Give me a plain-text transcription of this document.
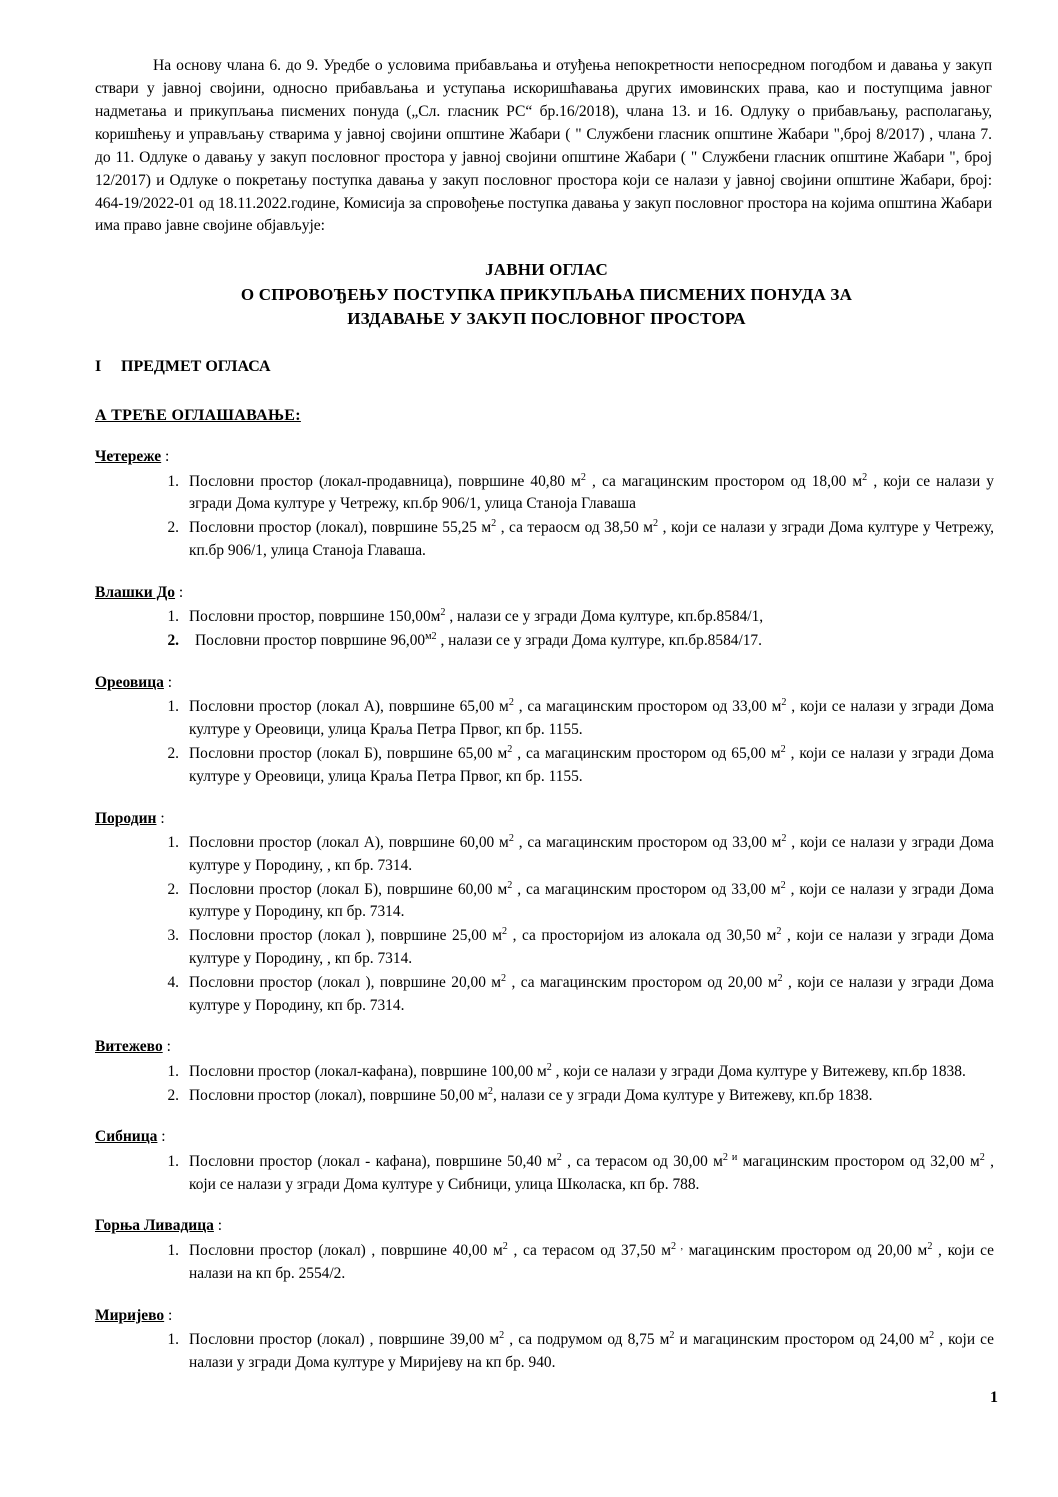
На основу члана 6. до 9. Уредбе о условима прибављања и отуђења непокретности непосредном погодбом и давања у закуп ствари у јавној својини, односно прибављања и уступања искоришћавања других имовинских права, као и поступцима јавног надметања и прикупљања писмених понуда („Сл. гласник РС“ бр.16/2018), члана 13. и 16. Одлуку о прибављању, располагању, коришћењу и управљању стварима у јавној својини општине Жабари ( " Службени гласник општине Жабари ",број 8/2017) , члана 7. до 11. Одлуке о давању у закуп пословног простора у јавној својини општине Жабари ( " Службени гласник општине Жабари ", број 12/2017) и Одлуке о покретању поступка давања у закуп пословног простора који се налази у јавној својини општине Жабари, број: 464-19/2022-01 од 18.11.2022.године, Комисија за спровођење поступка давања у закуп пословног простора на којима општина Жабари има право јавне својине објављује:

ЈАВНИ ОГЛАС
О СПРОВОЂЕЊУ ПОСТУПКА ПРИКУПЉАЊА ПИСМЕНИХ ПОНУДА ЗА
ИЗДАВАЊЕ У ЗАКУП ПОСЛОВНОГ ПРОСТОРА

I ПРЕДМЕТ ОГЛАСА

А ТРЕЋЕ ОГЛАШАВАЊЕ:

Четереже :

Пословни простор (локал-продавница), површине 40,80 $м^2$ , са магацинским простором од 18,00 $м^2$ , који се налази у згради Дома културе у Четрежу, кп.бр 906/1, улица Станоја Главаша
Пословни простор (локал), површине 55,25 $м^2$ , са тераосм од 38,50 $м^2$ , који се налази у згради Дома културе у Четрежу, кп.бр 906/1, улица Станоја Главаша.

Влашки До :

Пословни простор, површине $150,00м^2$ , налази се у згради Дома културе, кп.бр.8584/1,
Пословни простор површине $96,00^{м2}$ , налази се у згради Дома културе, кп.бр.8584/17.

Ореовица :

Пословни простор (локал А), површине 65,00 $м^2$ , са магацинским простором од 33,00 $м^2$ , који се налази у згради Дома културе у Ореовици, улица Краља Петра Првог, кп бр. 1155.
Пословни простор (локал Б), површине 65,00 $м^2$ , са магацинским простором од 65,00 $м^2$ , који се налази у згради Дома културе у Ореовици, улица Краља Петра Првог, кп бр. 1155.

Породин :

Пословни простор (локал А), површине 60,00 $м^2$ , са магацинским простором од 33,00 $м^2$ , који се налази у згради Дома културе у Породину, , кп бр. 7314.
Пословни простор (локал Б), површине 60,00 $м^2$ , са магацинским простором од 33,00 $м^2$ , који се налази у згради Дома културе у Породину, кп бр. 7314.
Пословни простор (локал ), површине 25,00 $м^2$ , са просторијом из алокала од 30,50 $м^2$ , који се налази у згради Дома културе у Породину, , кп бр. 7314.
Пословни простор (локал ), површине 20,00 $м^2$ , са магацинским простором од 20,00 $м^2$ , који се налази у згради Дома културе у Породину, кп бр. 7314.

Витежево :

Пословни простор (локал-кафана), површине 100,00 $м^2$ , који се налази у згради Дома културе у Витежеву, кп.бр 1838.
Пословни простор (локал), површине 50,00 $м^2$, налази се у згради Дома културе у Витежеву, кп.бр 1838.

Сибница :

Пословни простор (локал - кафана), површине 50,40 $м^2$ , са терасом од 30,00 $м^{2 и}$ магацинским простором од 32,00 $м^2$ , који се налази у згради Дома културе у Сибници, улица Школаска, кп бр. 788.

Горња Ливадица :

Пословни простор (локал) , површине 40,00 $м^2$ , са терасом од 37,50 $м^{2 ,}$ магацинским простором од 20,00 $м^2$ , који се налази на кп бр. 2554/2.

Миријево :

Пословни простор (локал) , површине 39,00 $м^2$ , са подрумом од 8,75 $м^2$ и магацинским простором од 24,00 $м^2$ , који се налази у згради Дома културе у Миријеву на кп бр. 940.
1
